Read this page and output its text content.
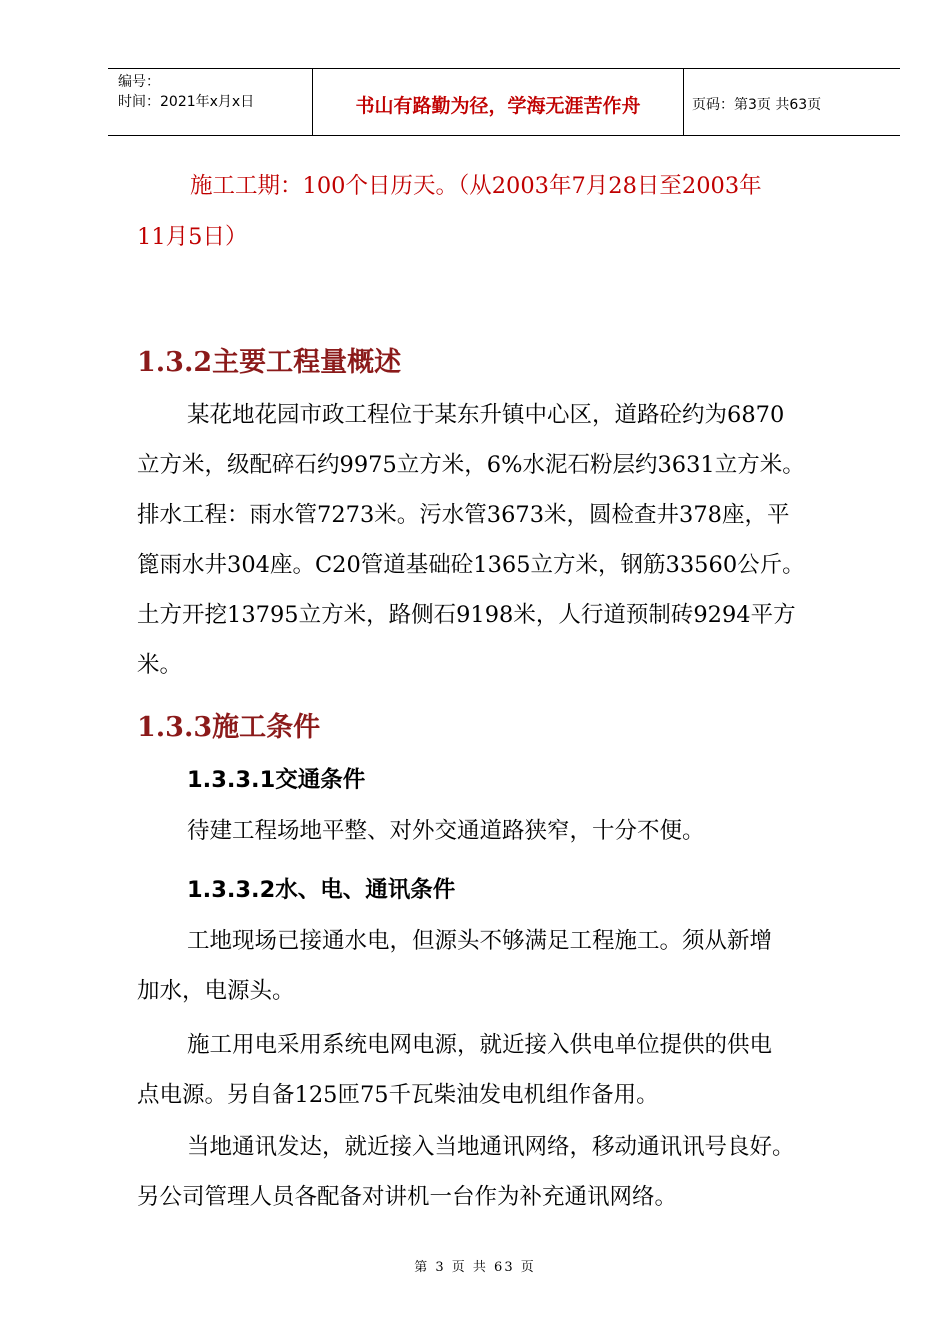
编号：
时间：2021年x月x日	书山有路勤为径，学海无涯苦作舟	页码：第3页 共63页
施工工期：100个日历天。（从2003年7月28日至2003年
11月5日）
1.3.2主要工程量概述
某花地花园市政工程位于某东升镇中心区，道路砼约为6870
立方米，级配碎石约9975立方米，6%水泥石粉层约3631立方米。
排水工程：雨水管7273米。污水管3673米，圆检查井378座，平
篦雨水井304座。C20管道基础砼1365立方米，钢筋33560公斤。
土方开挖13795立方米，路侧石9198米，人行道预制砖9294平方
米。
1.3.3施工条件
1.3.3.1交通条件
待建工程场地平整、对外交通道路狭窄，十分不便。
1.3.3.2水、电、通讯条件
工地现场已接通水电，但源头不够满足工程施工。须从新增
加水，电源头。
施工用电采用系统电网电源，就近接入供电单位提供的供电
点电源。另自备125匝75千瓦柴油发电机组作备用。
当地通讯发达，就近接入当地通讯网络，移动通讯讯号良好。
另公司管理人员各配备对讲机一台作为补充通讯网络。
第 3 页 共 63 页
